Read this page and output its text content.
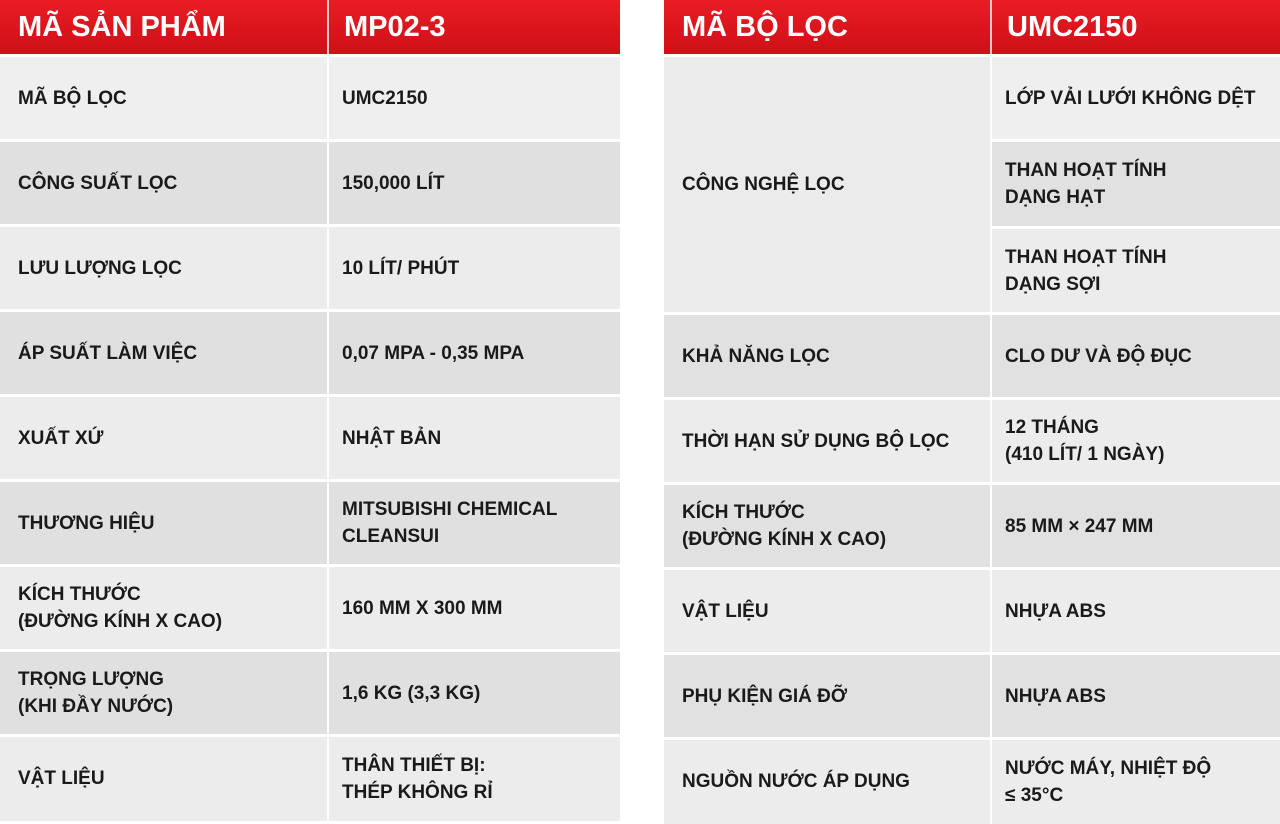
MÃ SẢN PHẨM	MP02-3
MÃ BỘ LỌC	UMC2150
CÔNG SUẤT LỌC	150,000 LÍT
LƯU LƯỢNG LỌC	10 LÍT/ PHÚT
ÁP SUẤT LÀM VIỆC	0,07 MPA - 0,35 MPA
XUẤT XỨ	NHẬT BẢN
THƯƠNG HIỆU	MITSUBISHI CHEMICAL
CLEANSUI
KÍCH THƯỚC
(ĐƯỜNG KÍNH X CAO)	160 MM X 300 MM
TRỌNG LƯỢNG
(KHI ĐẦY NƯỚC)	1,6 KG (3,3 KG)
VẬT LIỆU	THÂN THIẾT BỊ:
THÉP KHÔNG RỈ
MÃ BỘ LỌC	UMC2150
CÔNG NGHỆ LỌC	LỚP VẢI LƯỚI KHÔNG DỆT
	THAN HOẠT TÍNH
DẠNG HẠT
	THAN HOẠT TÍNH
DẠNG SỢI
KHẢ NĂNG LỌC	CLO DƯ VÀ ĐỘ ĐỤC
THỜI HẠN SỬ DỤNG BỘ LỌC	12 THÁNG
(410 LÍT/ 1 NGÀY)
KÍCH THƯỚC
(ĐƯỜNG KÍNH X CAO)	85 MM × 247 MM
VẬT LIỆU	NHỰA ABS
PHỤ KIỆN GIÁ ĐỠ	NHỰA ABS
NGUỒN NƯỚC ÁP DỤNG	NƯỚC MÁY, NHIỆT ĐỘ
≤ 35°C
